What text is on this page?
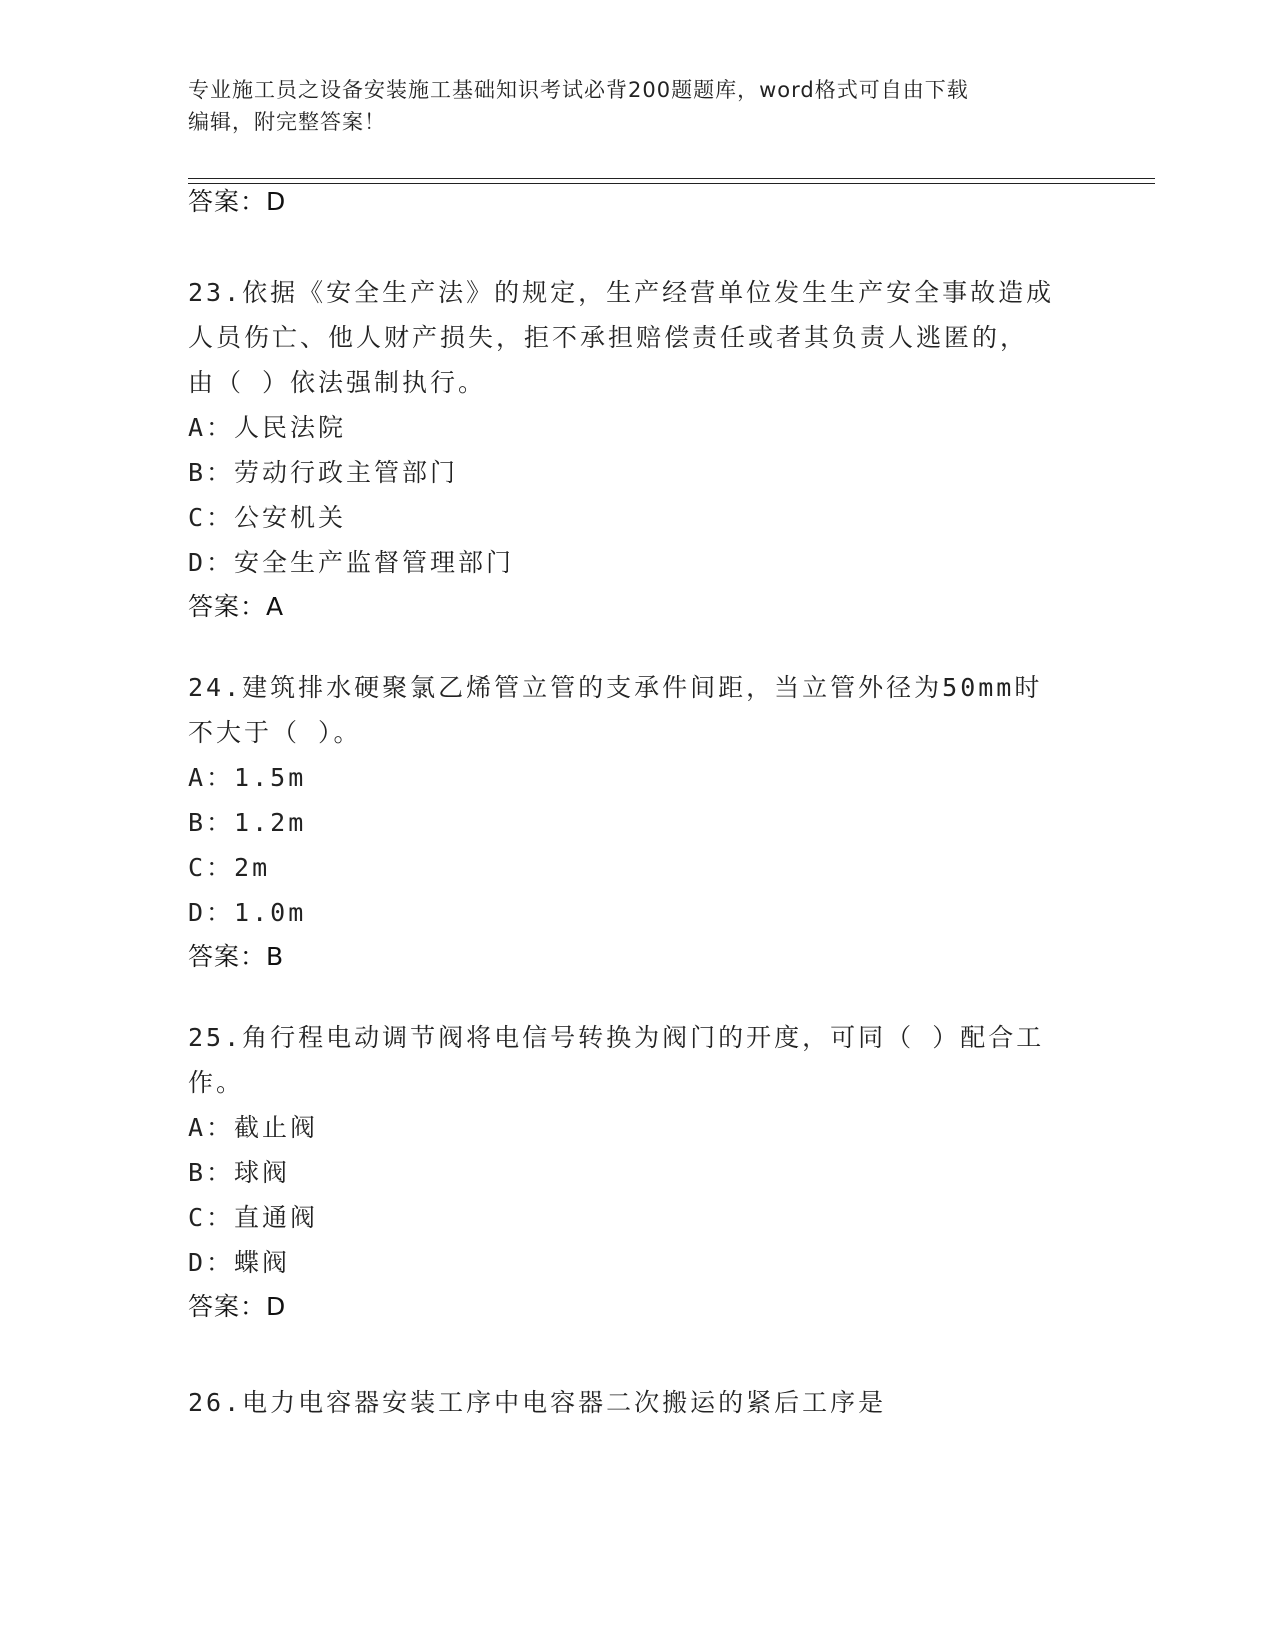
专业施工员之设备安装施工基础知识考试必背200题题库，word格式可自由下载

编辑，附完整答案！

答案：D

23.依据《安全生产法》的规定，生产经营单位发生生产安全事故造成

人员伤亡、他人财产损失，拒不承担赔偿责任或者其负责人逃匿的，

由（ ）依法强制执行。

A：人民法院

B：劳动行政主管部门

C：公安机关

D：安全生产监督管理部门

答案：A

24.建筑排水硬聚氯乙烯管立管的支承件间距，当立管外径为50mm时

不大于（ ）。

A：1.5m

B：1.2m

C：2m

D：1.0m

答案：B

25.角行程电动调节阀将电信号转换为阀门的开度，可同（ ）配合工

作。

A：截止阀

B：球阀

C：直通阀

D：蝶阀

答案：D

26.电力电容器安装工序中电容器二次搬运的紧后工序是
